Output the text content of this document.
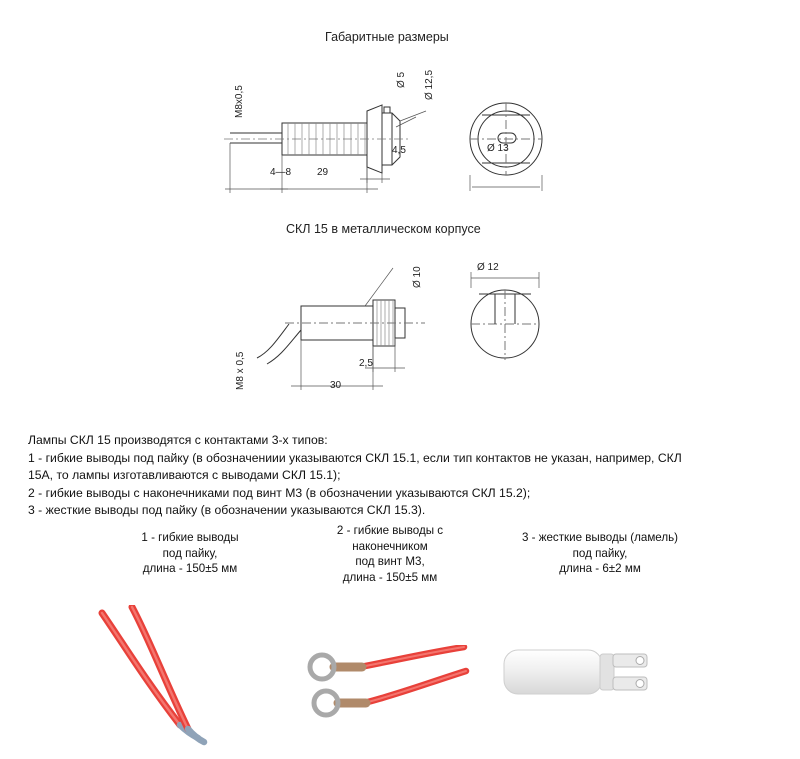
Габаритные размеры
M8x0,5
Ø 5 Ø 12,5
4,5
29
4—8
Ø 13
СКЛ 15 в металлическом корпусе
M8 x 0,5
Ø 10	Ø 12
2,5
30
Лампы СКЛ 15 производятся с контактами 3-х типов:
1 - гибкие выводы под пайку (в обозначениии указываются СКЛ 15.1, если тип контактов не указан, например, СКЛ
15А, то лампы изготавливаются с выводами СКЛ 15.1);
2 - гибкие выводы с наконечниками под винт М3 (в обозначении указываются СКЛ 15.2);
3 - жесткие выводы под пайку (в обозначении указываются СКЛ 15.3).
1 - гибкие выводы
под пайку,
длина - 150±5 мм
2 - гибкие выводы с
наконечником
под винт М3,
длина - 150±5 мм
3 - жесткие выводы (ламель)
под пайку,
длина - 6±2 мм
